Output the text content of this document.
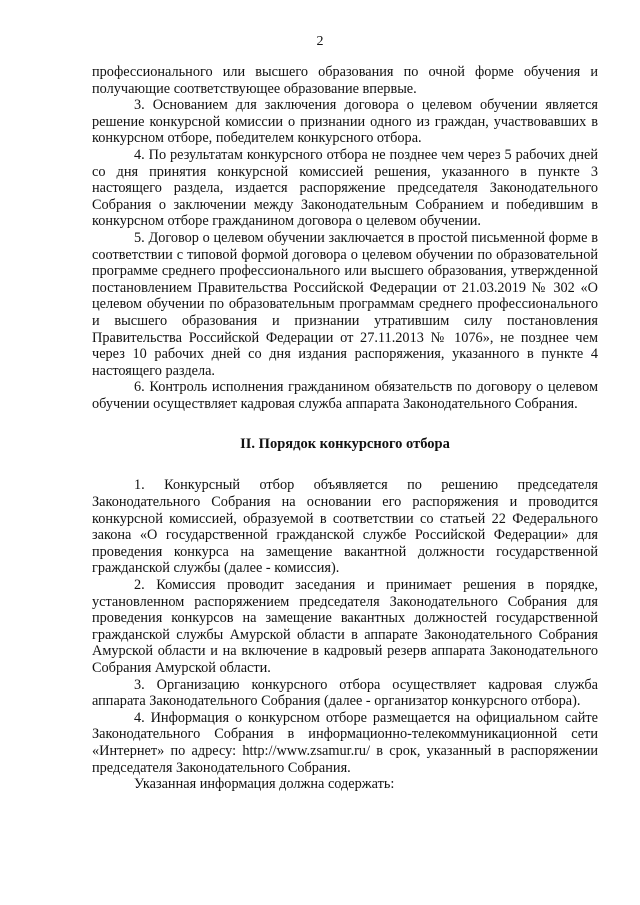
2

профессионального или высшего образования по очной форме обучения и получающие соответствующее образование впервые.

3. Основанием для заключения договора о целевом обучении является решение конкурсной комиссии о признании одного из граждан, участвовавших в конкурсном отборе, победителем конкурсного отбора.

4. По результатам конкурсного отбора не позднее чем через 5 рабочих дней со дня принятия конкурсной комиссией решения, указанного в пункте 3 настоящего раздела, издается распоряжение председателя Законодательного Собрания о заключении между Законодательным Собранием и победившим в конкурсном отборе гражданином договора о целевом обучении.

5. Договор о целевом обучении заключается в простой письменной форме в соответствии с типовой формой договора о целевом обучении по образовательной программе среднего профессионального или высшего образования, утвержденной постановлением Правительства Российской Федерации от 21.03.2019 № 302 «О целевом обучении по образовательным программам среднего профессионального и высшего образования и признании утратившим силу постановления Правительства Российской Федерации от 27.11.2013 № 1076», не позднее чем через 10 рабочих дней со дня издания распоряжения, указанного в пункте 4 настоящего раздела.

6. Контроль исполнения гражданином обязательств по договору о целевом обучении осуществляет кадровая служба аппарата Законодательного Собрания.

II. Порядок конкурсного отбора

1. Конкурсный отбор объявляется по решению председателя Законодательного Собрания на основании его распоряжения и проводится конкурсной комиссией, образуемой в соответствии со статьей 22 Федерального закона «О государственной гражданской службе Российской Федерации» для проведения конкурса на замещение вакантной должности государственной гражданской службы (далее - комиссия).

2. Комиссия проводит заседания и принимает решения в порядке, установленном распоряжением председателя Законодательного Собрания для проведения конкурсов на замещение вакантных должностей государственной гражданской службы Амурской области в аппарате Законодательного Собрания Амурской области и на включение в кадровый резерв аппарата Законодательного Собрания Амурской области.

3. Организацию конкурсного отбора осуществляет кадровая служба аппарата Законодательного Собрания (далее - организатор конкурсного отбора).

4. Информация о конкурсном отборе размещается на официальном сайте Законодательного Собрания в информационно-телекоммуникационной сети «Интернет» по адресу: http://www.zsamur.ru/ в срок, указанный в распоряжении председателя Законодательного Собрания.

Указанная информация должна содержать:
